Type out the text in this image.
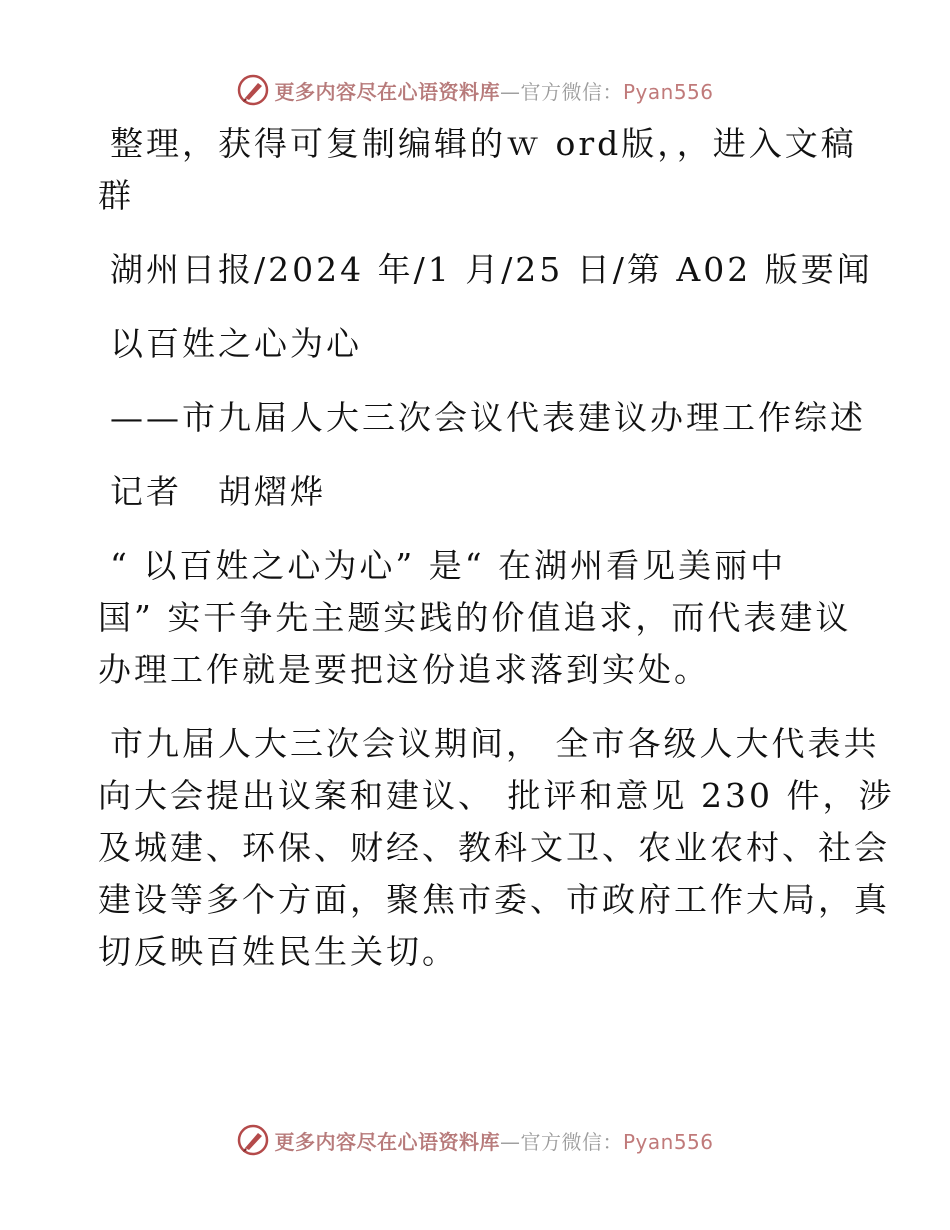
更多内容尽在心语资料库—官方微信：Pyan556

整理，获得可复制编辑的ｗ ord版，，进入文稿

群

湖州日报/2024 年/1 月/25 日/第 A02 版要闻

以百姓之心为心

——市九届人大三次会议代表建议办理工作综述

记者　胡熠烨

“ 以百姓之心为心” 是“ 在湖州看见美丽中

国” 实干争先主题实践的价值追求，而代表建议

办理工作就是要把这份追求落到实处。

市九届人大三次会议期间， 全市各级人大代表共

向大会提出议案和建议、 批评和意见 230 件，涉

及城建、环保、财经、教科文卫、农业农村、社会

建设等多个方面，聚焦市委、市政府工作大局，真

切反映百姓民生关切。

更多内容尽在心语资料库—官方微信：Pyan556
